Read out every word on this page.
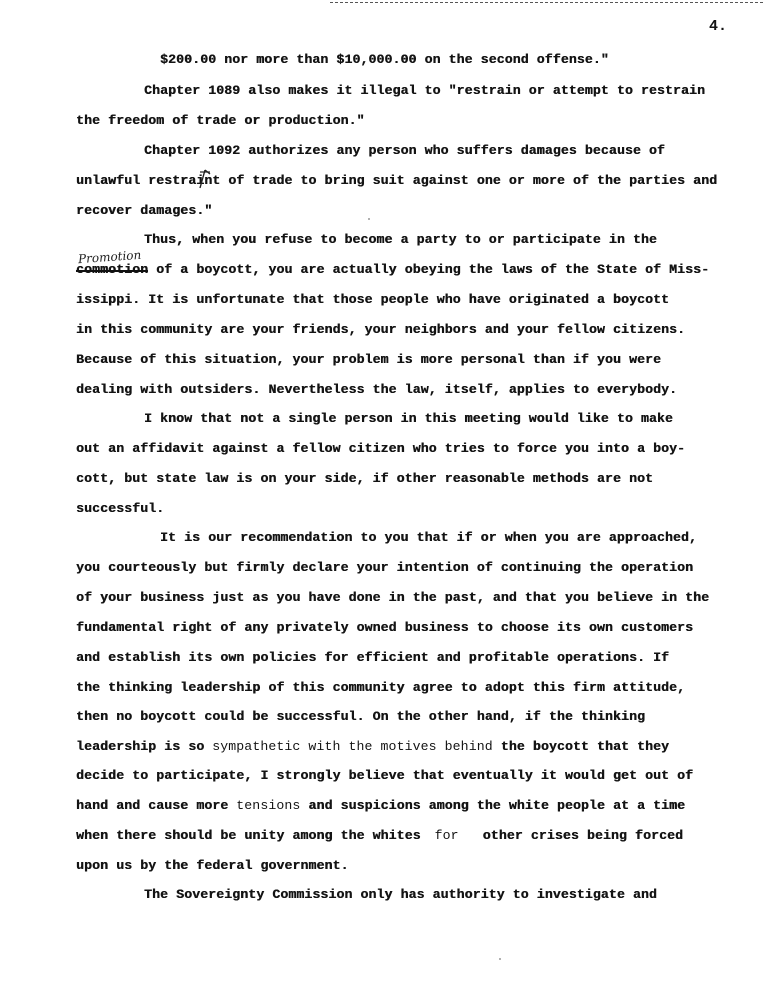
4.
$200.00 nor more than $10,000.00 on the second offense."
Chapter 1089 also makes it illegal to "restrain or attempt to restrain
the freedom of trade or production."
Chapter 1092 authorizes any person who suffers damages because of
unlawful restraint of trade to bring suit against one or more of the parties and
recover damages."
Thus, when you refuse to become a party to or participate in the
Promotion
commotion of a boycott, you are actually obeying the laws of the State of Miss-
issippi. It is unfortunate that those people who have originated a boycott
in this community are your friends, your neighbors and your fellow citizens.
Because of this situation, your problem is more personal than if you were
dealing with outsiders. Nevertheless the law, itself, applies to everybody.
I know that not a single person in this meeting would like to make
out an affidavit against a fellow citizen who tries to force you into a boy-
cott, but state law is on your side, if other reasonable methods are not
successful.
It is our recommendation to you that if or when you are approached,
you courteously but firmly declare your intention of continuing the operation
of your business just as you have done in the past, and that you believe in the
fundamental right of any privately owned business to choose its own customers
and establish its own policies for efficient and profitable operations. If
the thinking leadership of this community agree to adopt this firm attitude,
then no boycott could be successful. On the other hand, if the thinking
leadership is so sympathetic with the motives behind the boycott that they
decide to participate, I strongly believe that eventually it would get out of
hand and cause more tensions and suspicions among the white people at a time
when there should be unity among the whites for other crises being forced
upon us by the federal government.
The Sovereignty Commission only has authority to investigate and
